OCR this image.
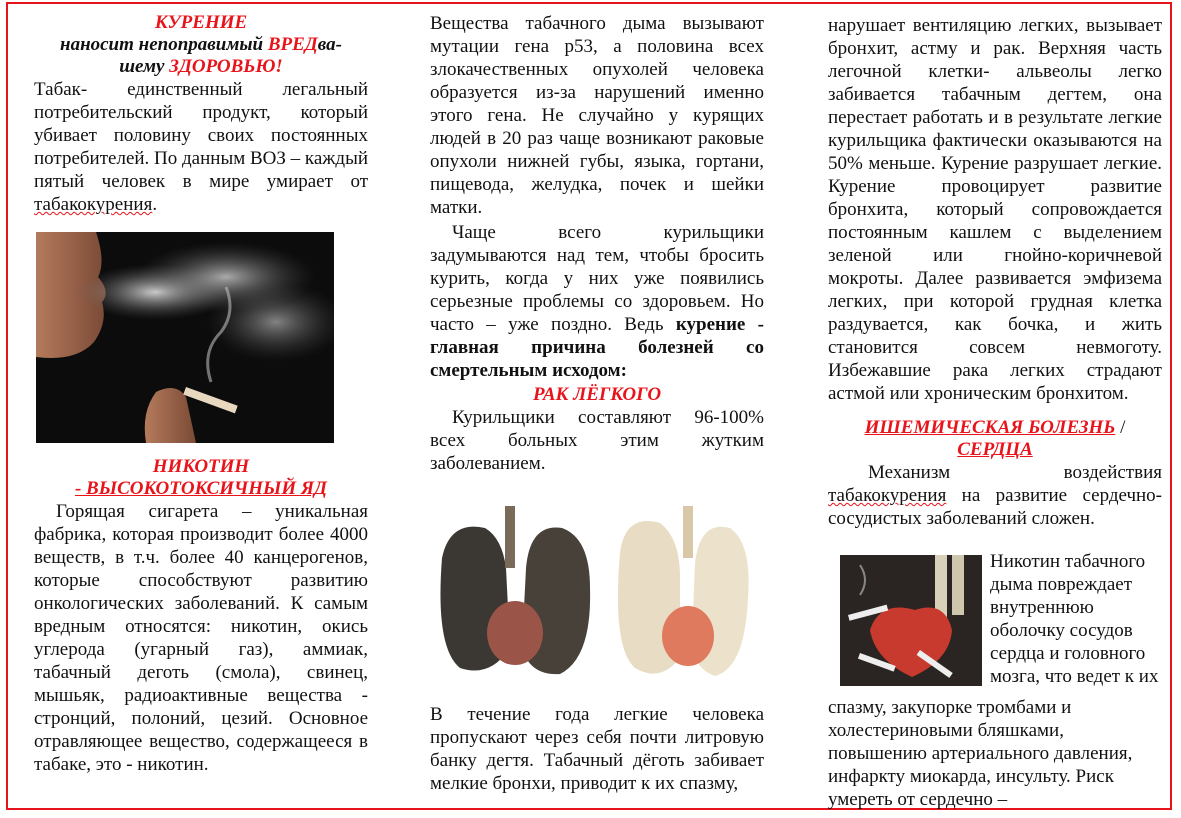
КУРЕНИЕ
наносит непоправимый ВРЕДва-
шему ЗДОРОВЬЮ!

Табак- единственный легальный потребительский продукт, который убивает половину своих постоянных потребителей. По данным ВОЗ – каждый пятый человек в мире умирает от табакокурения.

НИКОТИН
- ВЫСОКОТОКСИЧНЫЙ ЯД

Горящая сигарета – уникальная фабрика, которая производит более 4000 веществ, в т.ч. более 40 канцерогенов, которые способствуют развитию онкологических заболеваний. К самым вредным относятся: никотин, окись углерода (угарный газ), аммиак, табачный деготь (смола), свинец, мышьяк, радиоактивные вещества - стронций, полоний, цезий. Основное отравляющее вещество, содержащееся в табаке, это - никотин.

Вещества табачного дыма вызывают мутации гена p53, а половина всех злокачественных опухолей человека образуется из-за нарушений именно этого гена. Не случайно у курящих людей в 20 раз чаще возникают раковые опухоли нижней губы, языка, гортани, пищевода, желудка, почек и шейки матки.

Чаще всего курильщики задумываются над тем, чтобы бросить курить, когда у них уже появились серьезные проблемы со здоровьем. Но часто – уже поздно. Ведь курение - главная причина болезней со смертельным исходом:

РАК ЛЁГКОГО

Курильщики составляют 96-100% всех больных этим жутким заболеванием.

В течение года легкие человека пропускают через себя почти литровую банку дегтя. Табачный дёготь забивает мелкие бронхи, приводит к их спазму,

нарушает вентиляцию легких, вызывает бронхит, астму и рак. Верхняя часть легочной клетки- альвеолы легко забивается табачным дегтем, она перестает работать и в результате легкие курильщика фактически оказываются на 50% меньше. Курение разрушает легкие. Курение провоцирует развитие бронхита, который сопровождается постоянным кашлем с выделением зеленой или гнойно-коричневой мокроты. Далее развивается эмфизема легких, при которой грудная клетка раздувается, как бочка, и жить становится совсем невмоготу. Избежавшие рака легких страдают астмой или хроническим бронхитом.

ИШЕМИЧЕСКАЯ БОЛЕЗНЬ /
СЕРДЦА

Механизм воздействия табакокурения на развитие сердечно-сосудистых заболеваний сложен.

Никотин табачного дыма повреждает внутреннюю оболочку сосудов сердца и головного мозга, что ведет к их

спазму, закупорке тромбами и холестериновыми бляшками, повышению артериального давления, инфаркту миокарда, инсульту. Риск умереть от сердечно –
